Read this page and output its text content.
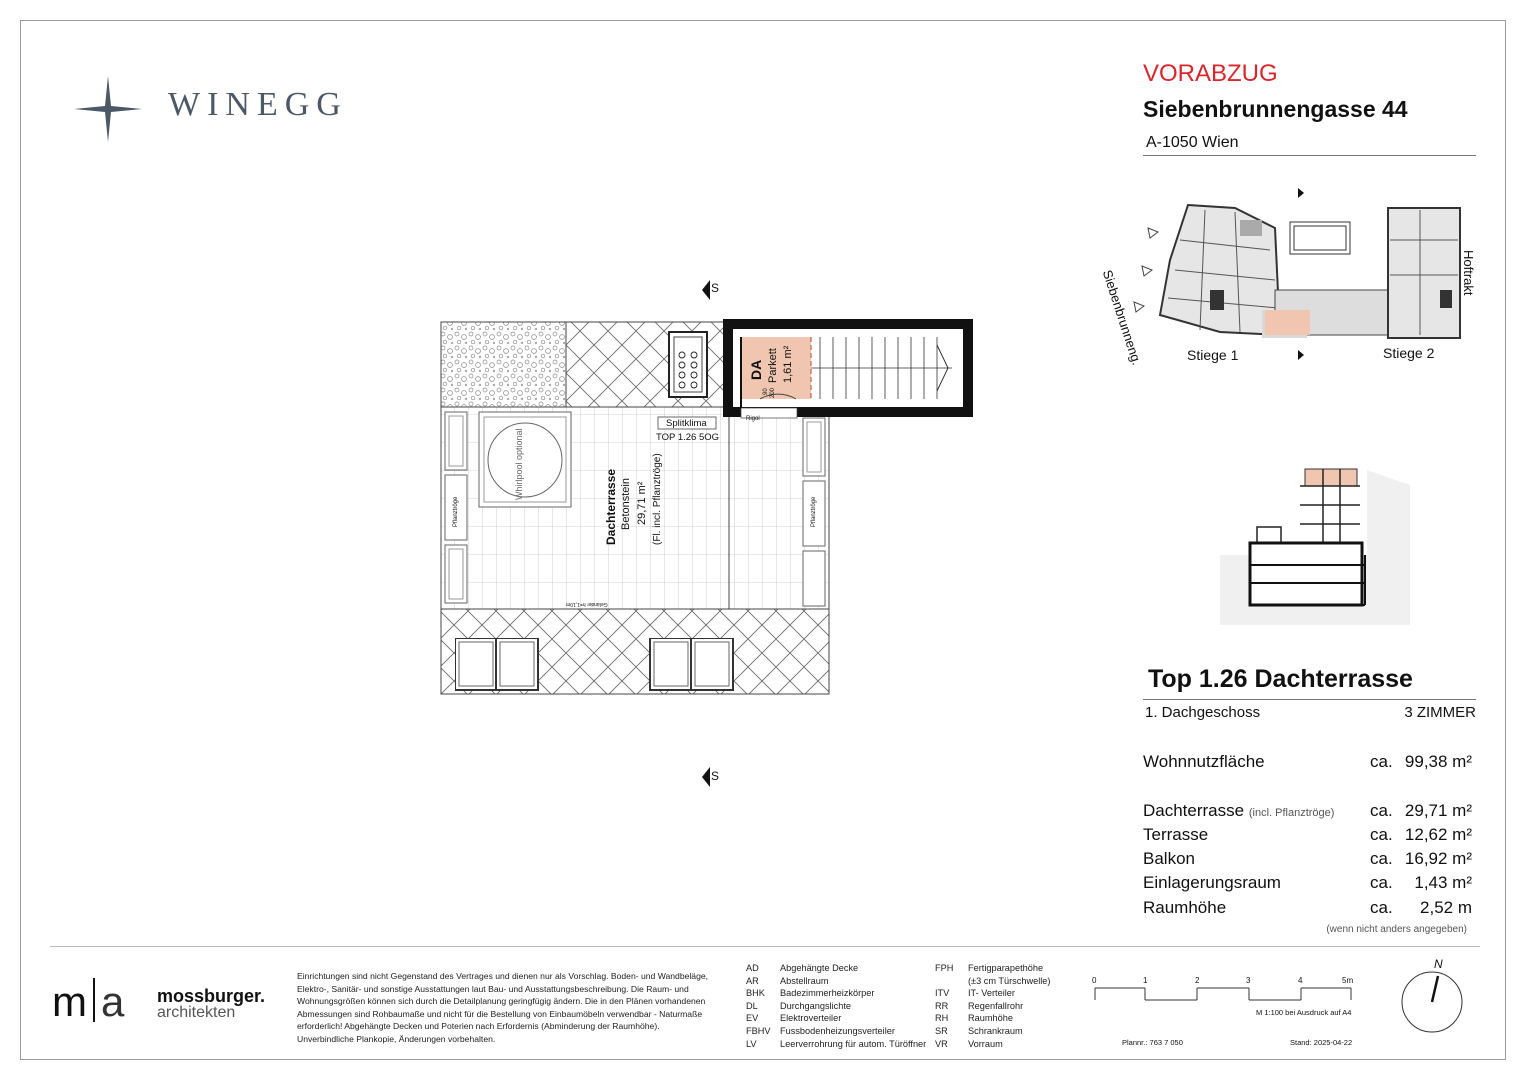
WINEGG
VORABZUG
Siebenbrunnengasse 44
A-1050 Wien
Siebenbrunneng.	Hoftrakt
Stiege 1	Stiege 2
S
S
DA Parkett 1,61 m²
90 200
Rigol
Splitklima
TOP 1.26 5OG
Dachterrasse Betonstein 29,71 m² (Fl. incl. Pflanztröge)
Pflanztröge	Pflanztröge
Geländer h=1,10m
Top 1.26 Dachterrasse
1. Dachgeschoss	3 ZIMMER
Wohnnutzfläche	ca. 99,38 m²
Dachterrasse (incl. Pflanztröge) ca. 29,71 m²
Terrasse	ca. 12,62 m²
Balkon	ca. 16,92 m²
Einlagerungsraum	ca. 1,43 m²
Raumhöhe	ca. 2,52 m
(wenn nicht anders angegeben)
m a mossburger.
architekten
Einrichtungen sind nicht Gegenstand des Vertrages und dienen nur als Vorschlag. Boden- und Wandbeläge, Elektro-, Sanitär- und sonstige Ausstattungen laut Bau- und Ausstattungsbeschreibung. Die Raum- und Wohnungsgrößen können sich durch die Detailplanung geringfügig ändern. Die in den Plänen vorhandenen Abmessungen sind Rohbaumaße und nicht für die Bestellung von Einbaumöbeln verwendbar - Naturmaße erforderlich! Abgehängte Decken und Poterien nach Erfordernis (Abminderung der Raumhöhe). Unverbindliche Plankopie, Änderungen vorbehalten.
AD Abgehängte Decke
AR Abstellraum
BHK Badezimmerheizkörper
DL Durchgangslichte
EV Elektroverteiler
FBHV Fussbodenheizungsverteiler
LV	Leerverrohrung für autom. Türöffner
FPH Fertigparapethöhe
(±3 cm Türschwelle)
ITV IT- Verteiler
RR Regenfallrohr
RH Raumhöhe
SR Schrankraum
VR Vorraum
0	1	2	3	4	5m
M 1:100 bei Ausdruck auf A4
Plannr.: 763 7 050	Stand: 2025-04-22
N
